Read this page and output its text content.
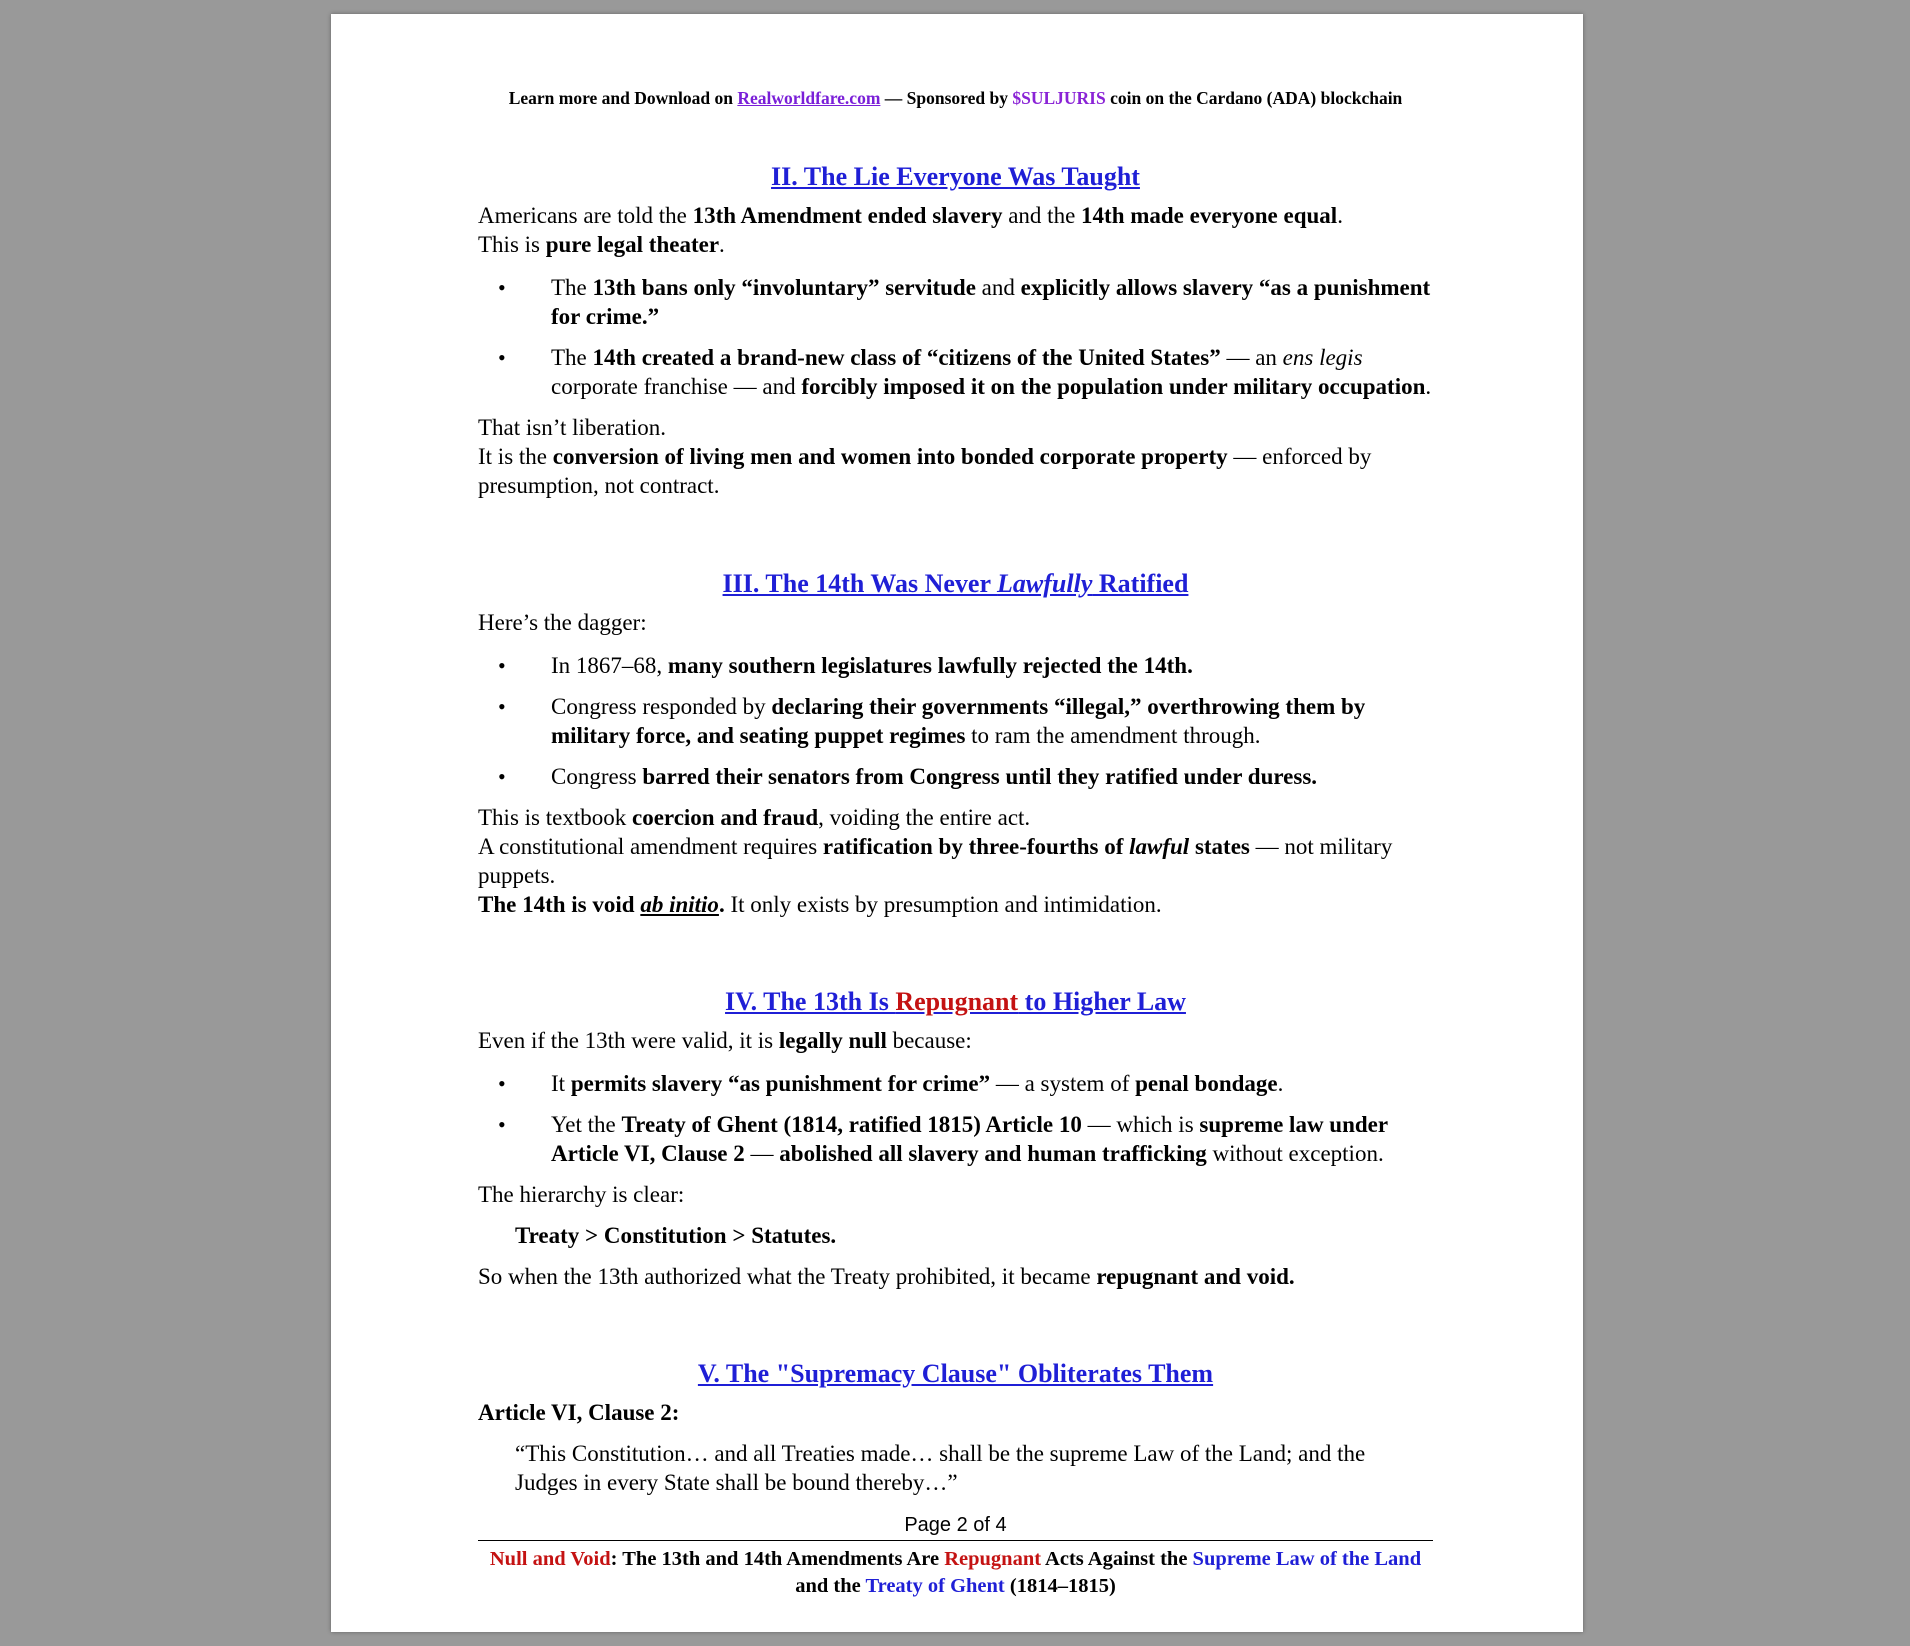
Learn more and Download on Realworldfare.com — Sponsored by $SULJURIS coin on the Cardano (ADA) blockchain
II. The Lie Everyone Was Taught

Americans are told the 13th Amendment ended slavery and the 14th made everyone equal.
This is pure legal theater.

• The 13th bans only “involuntary” servitude and explicitly allows slavery “as a punishment for crime.”
• The 14th created a brand-new class of “citizens of the United States” — an ens legis corporate franchise — and forcibly imposed it on the population under military occupation.

That isn’t liberation.
It is the conversion of living men and women into bonded corporate property — enforced by presumption, not contract.

III. The 14th Was Never Lawfully Ratified

Here’s the dagger:

• In 1867–68, many southern legislatures lawfully rejected the 14th.
• Congress responded by declaring their governments “illegal,” overthrowing them by military force, and seating puppet regimes to ram the amendment through.
• Congress barred their senators from Congress until they ratified under duress.

This is textbook coercion and fraud, voiding the entire act.
A constitutional amendment requires ratification by three-fourths of lawful states — not military puppets.
The 14th is void ab initio. It only exists by presumption and intimidation.

IV. The 13th Is Repugnant to Higher Law

Even if the 13th were valid, it is legally null because:

• It permits slavery “as punishment for crime” — a system of penal bondage.
• Yet the Treaty of Ghent (1814, ratified 1815) Article 10 — which is supreme law under Article VI, Clause 2 — abolished all slavery and human trafficking without exception.

The hierarchy is clear:

Treaty > Constitution > Statutes.

So when the 13th authorized what the Treaty prohibited, it became repugnant and void.

V. The "Supremacy Clause" Obliterates Them

Article VI, Clause 2:

“This Constitution… and all Treaties made… shall be the supreme Law of the Land; and the Judges in every State shall be bound thereby…”

Page 2 of 4
Null and Void: The 13th and 14th Amendments Are Repugnant Acts Against the Supreme Law of the Land and the Treaty of Ghent (1814–1815)
